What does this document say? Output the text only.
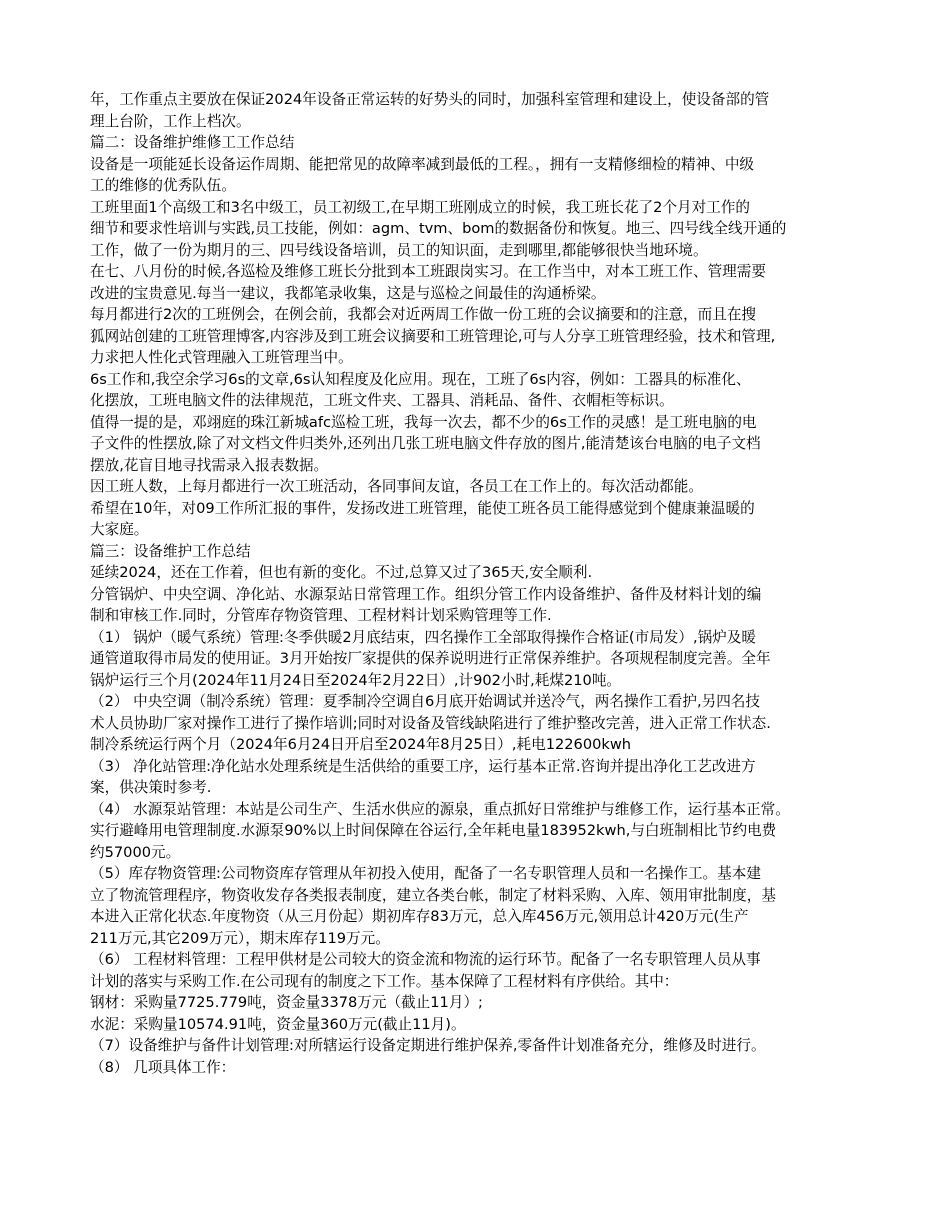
年，工作重点主要放在保证2024年设备正常运转的好势头的同时，加强科室管理和建设上，使设备部的管
理上台阶，工作上档次。
篇二：设备维护维修工工作总结
设备是一项能延长设备运作周期、能把常见的故障率减到最低的工程。，拥有一支精修细检的精神、中级
工的维修的优秀队伍。
工班里面1个高级工和3名中级工，员工初级工,在早期工班刚成立的时候，我工班长花了2个月对工作的
细节和要求性培训与实践,员工技能，例如：agm、tvm、bom的数据备份和恢复。地三、四号线全线开通的
工作，做了一份为期月的三、四号线设备培训，员工的知识面，走到哪里,都能够很快当地环境。
在七、八月份的时候,各巡检及维修工班长分批到本工班跟岗实习。在工作当中，对本工班工作、管理需要
改进的宝贵意见.每当一建议，我都笔录收集，这是与巡检之间最佳的沟通桥梁。
每月都进行2次的工班例会，在例会前，我都会对近两周工作做一份工班的会议摘要和的注意，而且在搜
狐网站创建的工班管理博客,内容涉及到工班会议摘要和工班管理论,可与人分享工班管理经验，技术和管理,
力求把人性化式管理融入工班管理当中。
6s工作和,我空余学习6s的文章,6s认知程度及化应用。现在，工班了6s内容，例如：工器具的标准化、
化摆放，工班电脑文件的法律规范，工班文件夹、工器具、消耗品、备件、衣帽柜等标识。
值得一提的是，邓翊庭的珠江新城afc巡检工班，我每一次去，都不少的6s工作的灵感！是工班电脑的电
子文件的性摆放,除了对文档文件归类外,还列出几张工班电脑文件存放的图片,能清楚该台电脑的电子文档
摆放,花盲目地寻找需录入报表数据。
因工班人数，上每月都进行一次工班活动，各同事间友谊，各员工在工作上的。每次活动都能。
希望在10年，对09工作所汇报的事件，发扬改进工班管理，能使工班各员工能得感觉到个健康兼温暖的
大家庭。
篇三：设备维护工作总结
延续2024，还在工作着，但也有新的变化。不过,总算又过了365天,安全顺利.
分管锅炉、中央空调、净化站、水源泵站日常管理工作。组织分管工作内设备维护、备件及材料计划的编
制和审核工作.同时，分管库存物资管理、工程材料计划采购管理等工作.
（1） 锅炉（暖气系统）管理:冬季供暖2月底结束，四名操作工全部取得操作合格证(市局发）,锅炉及暖
通管道取得市局发的使用证。3月开始按厂家提供的保养说明进行正常保养维护。各项规程制度完善。全年
锅炉运行三个月(2024年11月24日至2024年2月22日）,计902小时,耗煤210吨。
（2） 中央空调（制冷系统）管理：夏季制冷空调自6月底开始调试并送冷气，两名操作工看护,另四名技
术人员协助厂家对操作工进行了操作培训;同时对设备及管线缺陷进行了维护整改完善，进入正常工作状态.
制冷系统运行两个月（2024年6月24日开启至2024年8月25日）,耗电122600kwh
（3） 净化站管理:净化站水处理系统是生活供给的重要工序，运行基本正常.咨询并提出净化工艺改进方
案，供决策时参考.
（4） 水源泵站管理：本站是公司生产、生活水供应的源泉，重点抓好日常维护与维修工作，运行基本正常。
实行避峰用电管理制度.水源泵90%以上时间保障在谷运行,全年耗电量183952kwh,与白班制相比节约电费
约57000元。
（5）库存物资管理:公司物资库存管理从年初投入使用，配备了一名专职管理人员和一名操作工。基本建
立了物流管理程序，物资收发存各类报表制度，建立各类台帐，制定了材料采购、入库、领用审批制度，基
本进入正常化状态.年度物资（从三月份起）期初库存83万元，总入库456万元,领用总计420万元(生产
211万元,其它209万元），期末库存119万元。
（6） 工程材料管理：工程甲供材是公司较大的资金流和物流的运行环节。配备了一名专职管理人员从事
计划的落实与采购工作.在公司现有的制度之下工作。基本保障了工程材料有序供给。其中：
钢材：采购量7725.779吨，资金量3378万元（截止11月）;
水泥：采购量10574.91吨，资金量360万元(截止11月)。
（7）设备维护与备件计划管理:对所辖运行设备定期进行维护保养,零备件计划准备充分，维修及时进行。
（8） 几项具体工作：
